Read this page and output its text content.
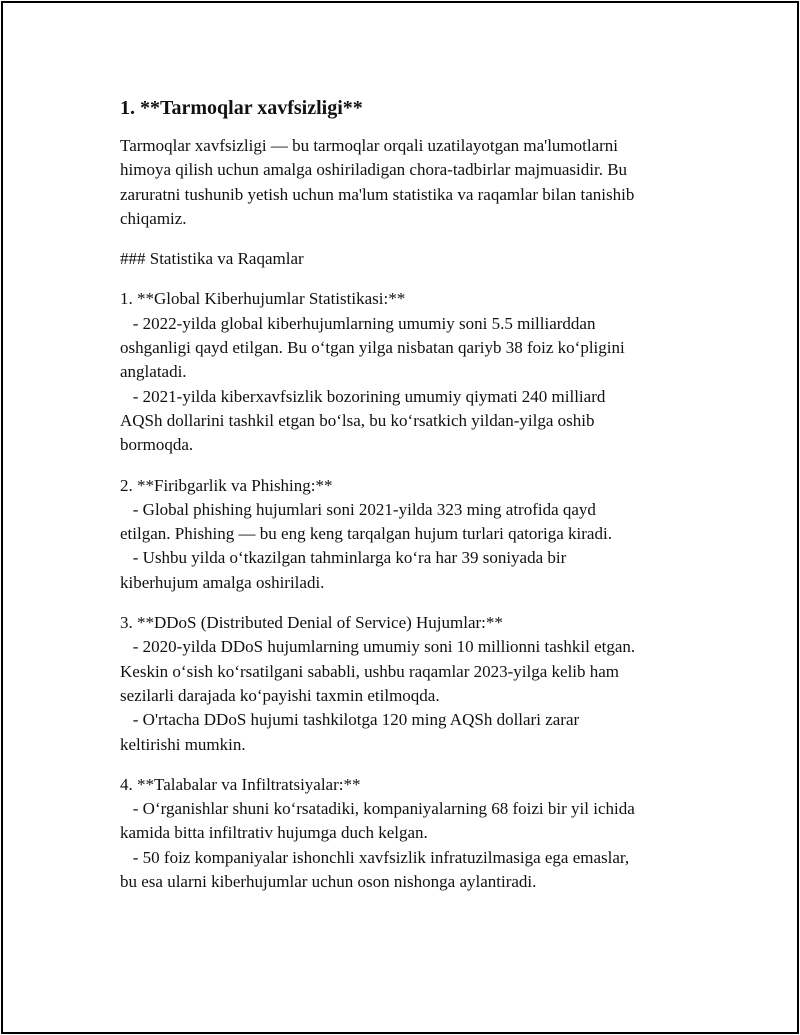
1. **Tarmoqlar xavfsizligi**

Tarmoqlar xavfsizligi — bu tarmoqlar orqali uzatilayotgan ma'lumotlarni
himoya qilish uchun amalga oshiriladigan chora-tadbirlar majmuasidir. Bu
zaruratni tushunib yetish uchun ma'lum statistika va raqamlar bilan tanishib
chiqamiz.

### Statistika va Raqamlar

1. **Global Kiberhujumlar Statistikasi:**
- 2022-yilda global kiberhujumlarning umumiy soni 5.5 milliarddan
oshganligi qayd etilgan. Bu o‘tgan yilga nisbatan qariyb 38 foiz ko‘pligini
anglatadi.
- 2021-yilda kiberxavfsizlik bozorining umumiy qiymati 240 milliard
AQSh dollarini tashkil etgan bo‘lsa, bu ko‘rsatkich yildan-yilga oshib
bormoqda.

2. **Firibgarlik va Phishing:**
- Global phishing hujumlari soni 2021-yilda 323 ming atrofida qayd
etilgan. Phishing — bu eng keng tarqalgan hujum turlari qatoriga kiradi.
- Ushbu yilda o‘tkazilgan tahminlarga ko‘ra har 39 soniyada bir
kiberhujum amalga oshiriladi.

3. **DDoS (Distributed Denial of Service) Hujumlar:**
- 2020-yilda DDoS hujumlarning umumiy soni 10 millionni tashkil etgan.
Keskin o‘sish ko‘rsatilgani sababli, ushbu raqamlar 2023-yilga kelib ham
sezilarli darajada ko‘payishi taxmin etilmoqda.
- O'rtacha DDoS hujumi tashkilotga 120 ming AQSh dollari zarar
keltirishi mumkin.

4. **Talabalar va Infiltratsiyalar:**
- O‘rganishlar shuni ko‘rsatadiki, kompaniyalarning 68 foizi bir yil ichida
kamida bitta infiltrativ hujumga duch kelgan.
- 50 foiz kompaniyalar ishonchli xavfsizlik infratuzilmasiga ega emaslar,
bu esa ularni kiberhujumlar uchun oson nishonga aylantiradi.
